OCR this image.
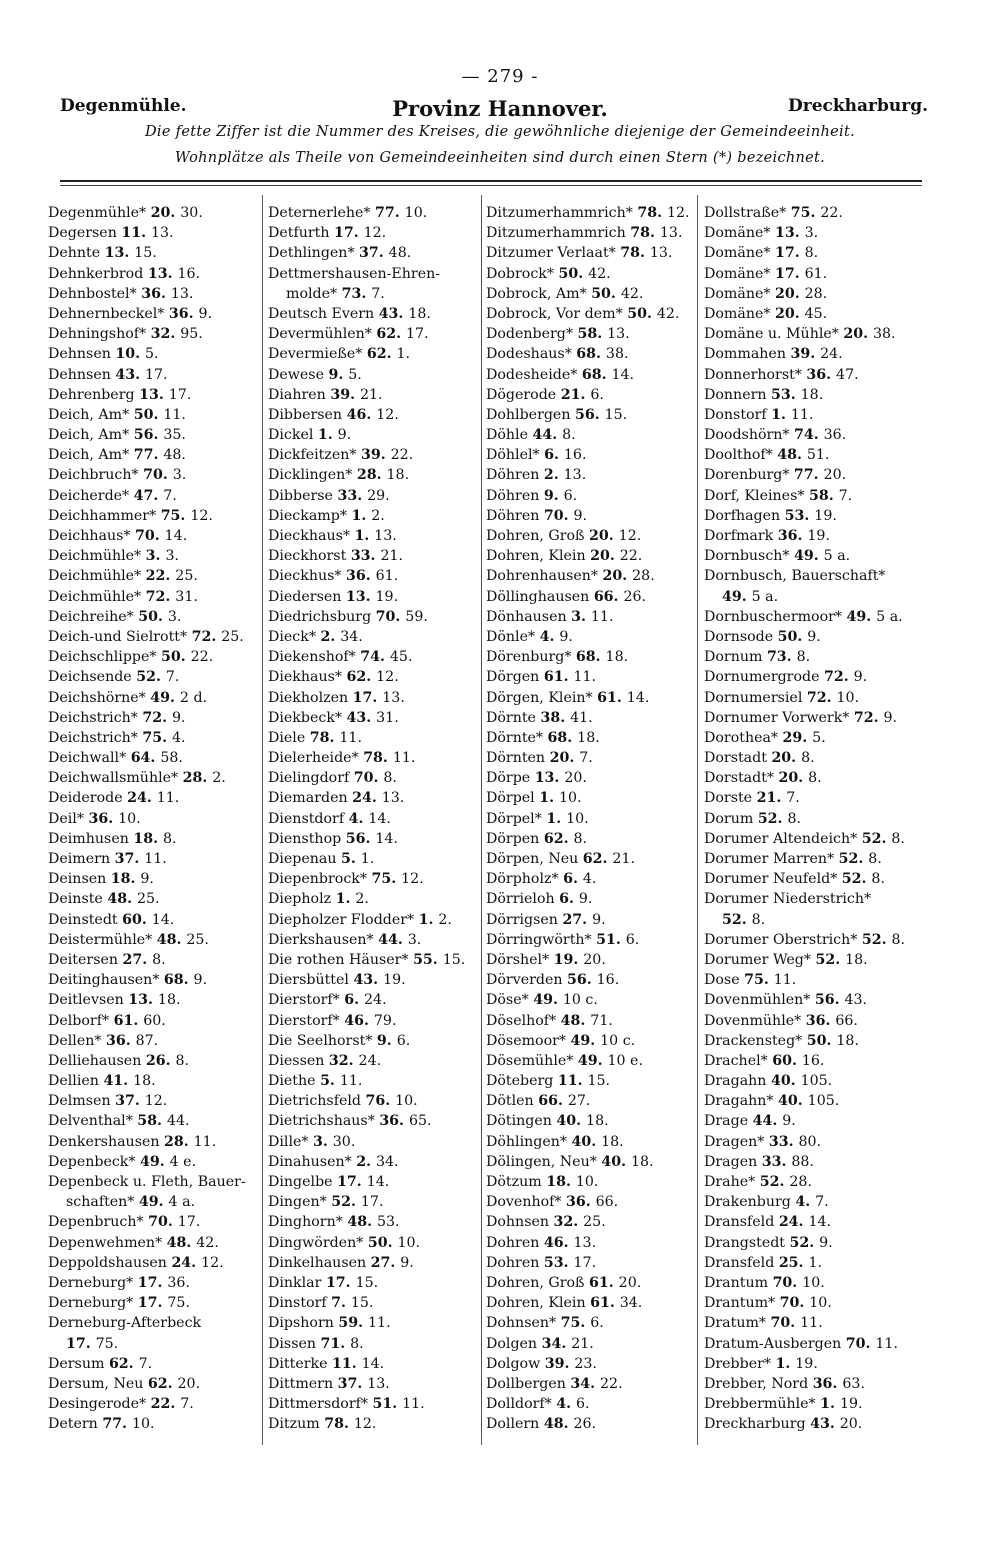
— 279 -
Degenmühle.	Provinz Hannover.	Dreckharburg.
Die fette Ziffer ist die Nummer des Kreises, die gewöhnliche diejenige der Gemeindeeinheit.
Wohnplätze als Theile von Gemeindeeinheiten sind durch einen Stern (*) bezeichnet.
Degenmühle* 20. 30.
Degersen 11. 13.
Dehnte 13. 15.
Dehnkerbrod 13. 16.
Dehnbostel* 36. 13.
Dehnernbeckel* 36. 9.
Dehningshof* 32. 95.
Dehnsen 10. 5.
Dehnsen 43. 17.
Dehrenberg 13. 17.
Deich, Am* 50. 11.
Deich, Am* 56. 35.
Deich, Am* 77. 48.
Deichbruch* 70. 3.
Deicherde* 47. 7.
Deichhammer* 75. 12.
Deichhaus* 70. 14.
Deichmühle* 3. 3.
Deichmühle* 22. 25.
Deichmühle* 72. 31.
Deichreihe* 50. 3.
Deich-und Sielrott* 72. 25.
Deichschlippe* 50. 22.
Deichsende 52. 7.
Deichshörne* 49. 2 d.
Deichstrich* 72. 9.
Deichstrich* 75. 4.
Deichwall* 64. 58.
Deichwallsmühle* 28. 2.
Deiderode 24. 11.
Deil* 36. 10.
Deimhusen 18. 8.
Deimern 37. 11.
Deinsen 18. 9.
Deinste 48. 25.
Deinstedt 60. 14.
Deistermühle* 48. 25.
Deitersen 27. 8.
Deitinghausen* 68. 9.
Deitlevsen 13. 18.
Delborf* 61. 60.
Dellen* 36. 87.
Delliehausen 26. 8.
Dellien 41. 18.
Delmsen 37. 12.
Delventhal* 58. 44.
Denkershausen 28. 11.
Depenbeck* 49. 4 e.
Depenbeck u. Fleth, Bauer-
schaften* 49. 4 a.
Depenbruch* 70. 17.
Depenwehmen* 48. 42.
Deppoldshausen 24. 12.
Derneburg* 17. 36.
Derneburg* 17. 75.
Derneburg-Afterbeck
17. 75.
Dersum 62. 7.
Dersum, Neu 62. 20.
Desingerode* 22. 7.
Detern 77. 10.
Deternerlehe* 77. 10.
Detfurth 17. 12.
Dethlingen* 37. 48.
Dettmershausen-Ehren-
molde* 73. 7.
Deutsch Evern 43. 18.
Devermühlen* 62. 17.
Devermieße* 62. 1.
Dewese 9. 5.
Diahren 39. 21.
Dibbersen 46. 12.
Dickel 1. 9.
Dickfeitzen* 39. 22.
Dicklingen* 28. 18.
Dibberse 33. 29.
Dieckamp* 1. 2.
Dieckhaus* 1. 13.
Dieckhorst 33. 21.
Dieckhus* 36. 61.
Diedersen 13. 19.
Diedrichsburg 70. 59.
Dieck* 2. 34.
Diekenshof* 74. 45.
Diekhaus* 62. 12.
Diekholzen 17. 13.
Diekbeck* 43. 31.
Diele 78. 11.
Dielerheide* 78. 11.
Dielingdorf 70. 8.
Diemarden 24. 13.
Dienstdorf 4. 14.
Diensthop 56. 14.
Diepenau 5. 1.
Diepenbrock* 75. 12.
Diepholz 1. 2.
Diepholzer Flodder* 1. 2.
Dierkshausen* 44. 3.
Die rothen Häuser* 55. 15.
Diersbüttel 43. 19.
Dierstorf* 6. 24.
Dierstorf* 46. 79.
Die Seelhorst* 9. 6.
Diessen 32. 24.
Diethe 5. 11.
Dietrichsfeld 76. 10.
Dietrichshaus* 36. 65.
Dille* 3. 30.
Dinahusen* 2. 34.
Dingelbe 17. 14.
Dingen* 52. 17.
Dinghorn* 48. 53.
Dingwörden* 50. 10.
Dinkelhausen 27. 9.
Dinklar 17. 15.
Dinstorf 7. 15.
Dipshorn 59. 11.
Dissen 71. 8.
Ditterke 11. 14.
Dittmern 37. 13.
Dittmersdorf* 51. 11.
Ditzum 78. 12.
Ditzumerhammrich* 78. 12.
Ditzumerhammrich 78. 13.
Ditzumer Verlaat* 78. 13.
Dobrock* 50. 42.
Dobrock, Am* 50. 42.
Dobrock, Vor dem* 50. 42.
Dodenberg* 58. 13.
Dodeshaus* 68. 38.
Dodesheide* 68. 14.
Dögerode 21. 6.
Dohlbergen 56. 15.
Döhle 44. 8.
Döhlel* 6. 16.
Döhren 2. 13.
Döhren 9. 6.
Döhren 70. 9.
Dohren, Groß 20. 12.
Dohren, Klein 20. 22.
Dohrenhausen* 20. 28.
Döllinghausen 66. 26.
Dönhausen 3. 11.
Dönle* 4. 9.
Dörenburg* 68. 18.
Dörgen 61. 11.
Dörgen, Klein* 61. 14.
Dörnte 38. 41.
Dörnte* 68. 18.
Dörnten 20. 7.
Dörpe 13. 20.
Dörpel 1. 10.
Dörpel* 1. 10.
Dörpen 62. 8.
Dörpen, Neu 62. 21.
Dörpholz* 6. 4.
Dörrieloh 6. 9.
Dörrigsen 27. 9.
Dörringwörth* 51. 6.
Dörshel* 19. 20.
Dörverden 56. 16.
Döse* 49. 10 c.
Döselhof* 48. 71.
Dösemoor* 49. 10 c.
Dösemühle* 49. 10 e.
Döteberg 11. 15.
Dötlen 66. 27.
Dötingen 40. 18.
Döhlingen* 40. 18.
Dölingen, Neu* 40. 18.
Dötzum 18. 10.
Dovenhof* 36. 66.
Dohnsen 32. 25.
Dohren 46. 13.
Dohren 53. 17.
Dohren, Groß 61. 20.
Dohren, Klein 61. 34.
Dohnsen* 75. 6.
Dolgen 34. 21.
Dolgow 39. 23.
Dollbergen 34. 22.
Dolldorf* 4. 6.
Dollern 48. 26.
Dollstraße* 75. 22.
Domäne* 13. 3.
Domäne* 17. 8.
Domäne* 17. 61.
Domäne* 20. 28.
Domäne* 20. 45.
Domäne u. Mühle* 20. 38.
Dommahen 39. 24.
Donnerhorst* 36. 47.
Donnern 53. 18.
Donstorf 1. 11.
Doodshörn* 74. 36.
Doolthof* 48. 51.
Dorenburg* 77. 20.
Dorf, Kleines* 58. 7.
Dorfhagen 53. 19.
Dorfmark 36. 19.
Dornbusch* 49. 5 a.
Dornbusch, Bauerschaft*
49. 5 a.
Dornbuschermoor* 49. 5 a.
Dornsode 50. 9.
Dornum 73. 8.
Dornumergrode 72. 9.
Dornumersiel 72. 10.
Dornumer Vorwerk* 72. 9.
Dorothea* 29. 5.
Dorstadt 20. 8.
Dorstadt* 20. 8.
Dorste 21. 7.
Dorum 52. 8.
Dorumer Altendeich* 52. 8.
Dorumer Marren* 52. 8.
Dorumer Neufeld* 52. 8.
Dorumer Niederstrich*
52. 8.
Dorumer Oberstrich* 52. 8.
Dorumer Weg* 52. 18.
Dose 75. 11.
Dovenmühlen* 56. 43.
Dovenmühle* 36. 66.
Drackensteg* 50. 18.
Drachel* 60. 16.
Dragahn 40. 105.
Dragahn* 40. 105.
Drage 44. 9.
Dragen* 33. 80.
Dragen 33. 88.
Drahe* 52. 28.
Drakenburg 4. 7.
Dransfeld 24. 14.
Drangstedt 52. 9.
Dransfeld 25. 1.
Drantum 70. 10.
Drantum* 70. 10.
Dratum* 70. 11.
Dratum-Ausbergen 70. 11.
Drebber* 1. 19.
Drebber, Nord 36. 63.
Drebbermühle* 1. 19.
Dreckharburg 43. 20.
